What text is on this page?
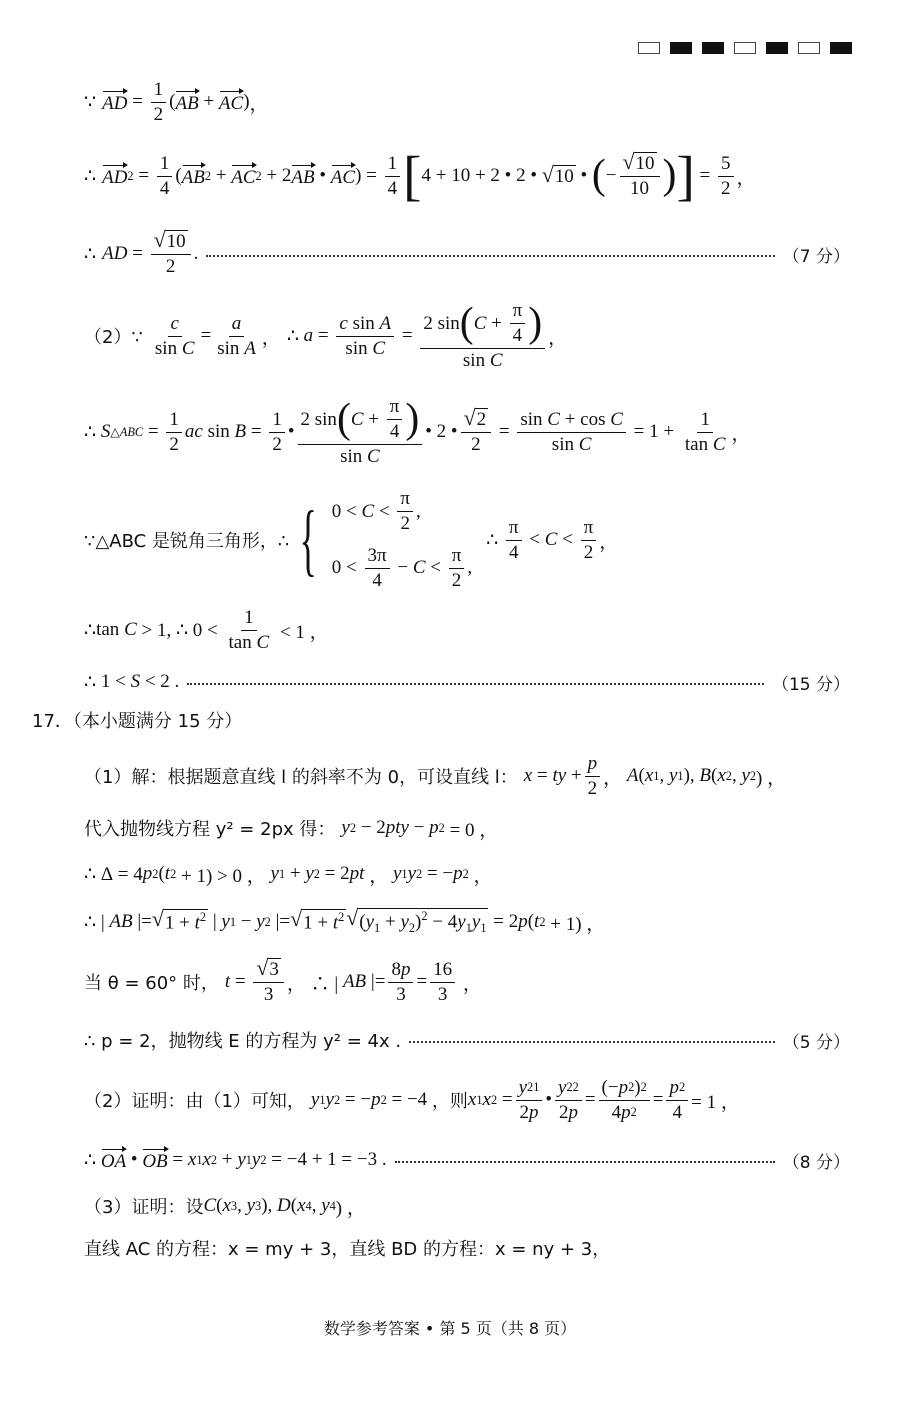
∵ AD = $\frac{1}{2}$ ( AB + AC ) ，
∴ AD $2 = \frac{1}{4}$ ( AB 2 + AC 2 + 2 AB • AC ) = $\frac{1}{4}$ [ 4 + 10 + 2 • 2 • √ 10 • ( − $\frac{√ 10}{10}$ ) ] = $\frac{5}{2}$ ，
∴ AD = $\frac{√ 10}{2}$ .	（7 分）
（2）∵ $\frac{c}{\text{sin C}} = \frac{a}{\text{sin A}}$ ， ∴ $a = \frac{\text{c sin A}}{\text{sin C}} = \frac{2 \sin ( C + \frac{\pi}{4} )}{\text{sin C}}$ ，
∴ S △ABC = $\frac{1}{2}$ ac $\sin B = \frac{1}{2}$ • $\frac{2 \sin ( C + \frac{\pi}{4} )}{\text{sin C}}$ • 2 • $\frac{√ 2}{2} = \frac{\text{sin C + cos C}}{\text{sin C}} = 1 + \frac{1}{\text{tan C}}$ ，
∵△ABC 是锐角三角形，∴ { $0 < C < \frac{\pi}{2}$ ,
$0 < \frac{3\pi}{4} - C < \frac{\pi}{2}$ ,
∴ $\frac{\pi}{4} < C < \frac{\pi}{2}$ ，
∴ tan C > 1, ∴ $0 < \frac{1}{\text{tan C}} < 1$ ，
∴ 1 < S < 2 .	（15 分）
17．（本小题满分 15 分）
（1）解：根据题意直线 l 的斜率不为 0，可设直线 l： x = ty + $\frac{p}{2}$ ， A ( x 1 , y 1 ), B ( x 2 , y 2 ) ，
代入抛物线方程 y² = 2px 得： y 2 − 2 pty − p 2 = 0 ，
∴ Δ = 4 p 2 ( t 2 + 1) > 0 ， y 1 + y 2 = 2 pt ， y 1 y 2 = − p 2 ，
∴ | AB |= √ $1 + t^2$ | y 1 − y 2 |= √ $1 + t^2$ √ $(y_1 + y_2)^2 - 4y_1y_1 = 2$ p ( t 2 + 1) ，
当 θ = 60° 时， $t = \frac{√ 3}{3}$ ， ∴ | AB |= $\frac{8 p}{3} = \frac{16}{3}$ ，
∴ p = 2，抛物线 E 的方程为 y² = 4x .	（5 分）
（2）证明：由（1）可知， y 1 y 2 = − p 2 = −4 ，则 x 1 x $2 = \frac{y 2 1}{2 p}$ • $\frac{y 2 2}{2 p} = \frac{(- p 2 ) 2}{4 p 2} = \frac{p 2}{4} = 1$ ，
∴ OA • OB = x 1 x 2 + y 1 y 2 = −4 + 1 = −3 .	（8 分）
（3）证明：设 C ( x 3 , y 3 ), D ( x 4 , y 4 ) ，
直线 AC 的方程：x = my + 3，直线 BD 的方程：x = ny + 3，
数学参考答案 • 第 5 页（共 8 页）
